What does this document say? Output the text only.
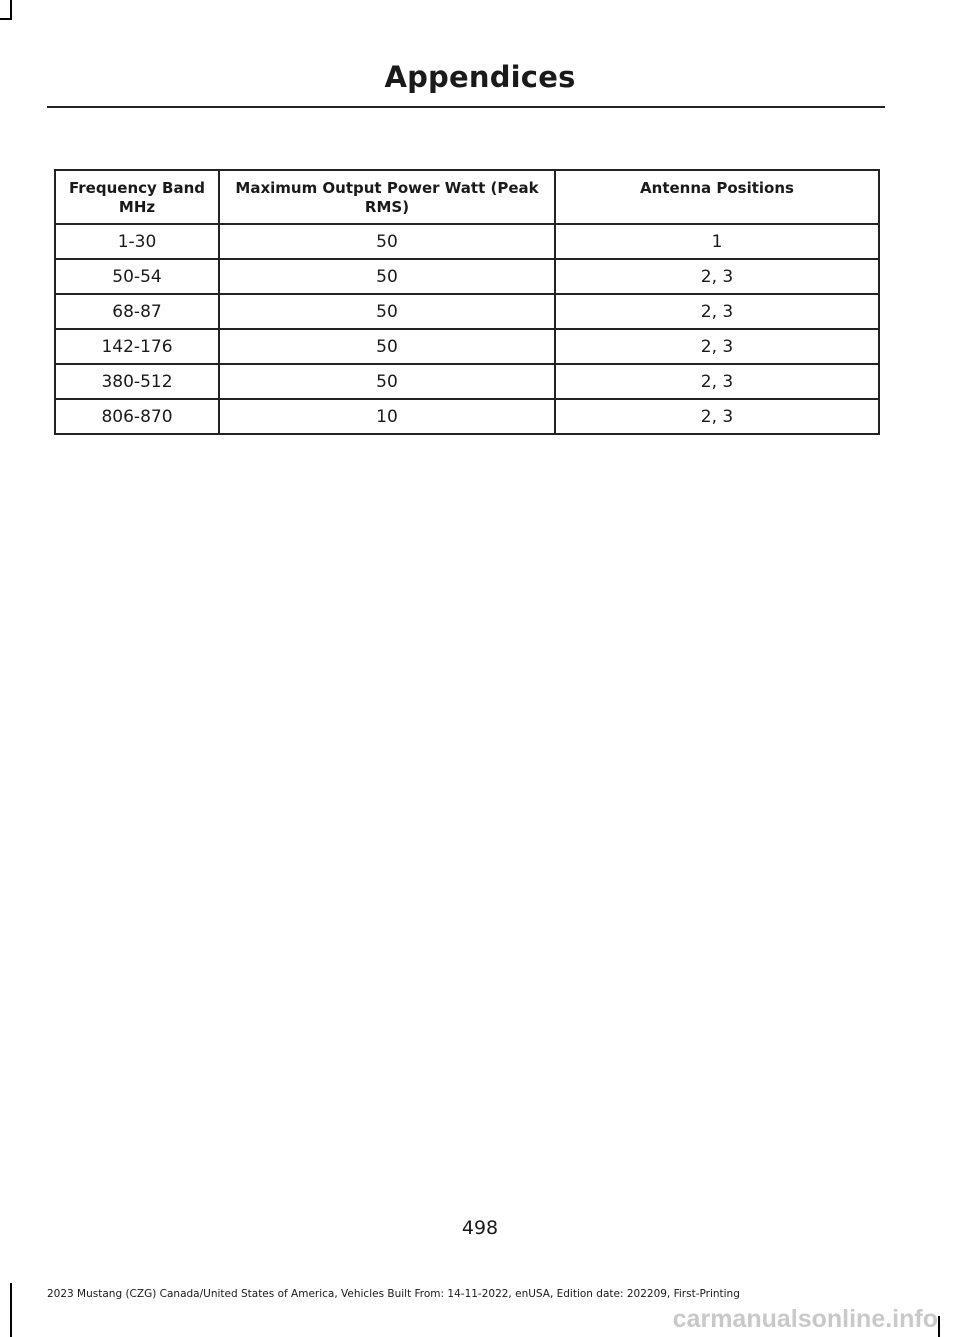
Appendices
Frequency Band MHz	Maximum Output Power Watt (Peak RMS)	Antenna Positions
1-30	50	1
50-54	50	2, 3
68-87	50	2, 3
142-176	50	2, 3
380-512	50	2, 3
806-870	10	2, 3
498
2023 Mustang (CZG) Canada/United States of America, Vehicles Built From: 14-11-2022, enUSA, Edition date: 202209, First-Printing
carmanualsonline.info
